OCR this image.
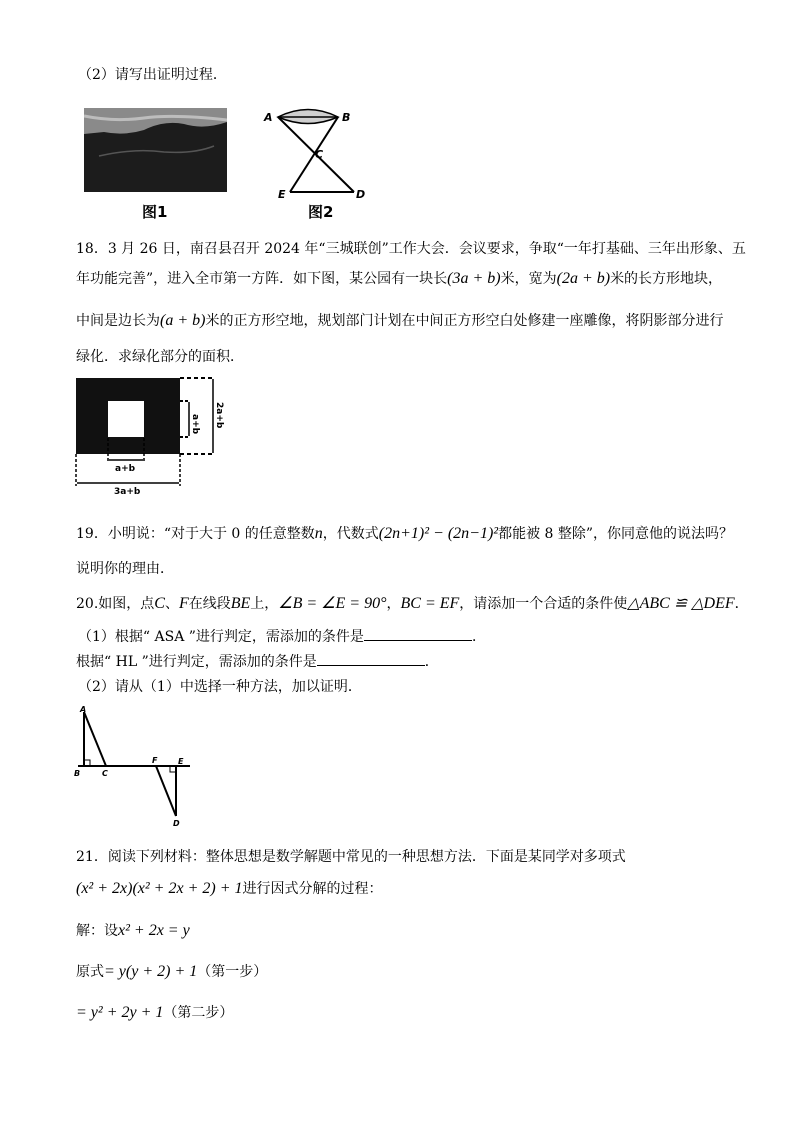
（2）请写出证明过程．
图1
A	B
C
E	D
图2
18．3 月 26 日，南召县召开 2024 年“三城联创”工作大会．会议要求，争取“一年打基础、三年出形象、五
年功能完善”，进入全市第一方阵．如下图，某公园有一块长(3a + b)米，宽为(2a + b)米的长方形地块，
中间是边长为(a + b)米的正方形空地，规划部门计划在中间正方形空白处修建一座雕像，将阴影部分进行
绿化．求绿化部分的面积．
a+b 2a+b
a+b
3a+b
19．小明说：“对于大于 0 的任意整数n，代数式(2n+1)² − (2n−1)²都能被 8 整除”，你同意他的说法吗？
说明你的理由．
20.如图，点C、F在线段BE上，∠B = ∠E = 90°，BC = EF，请添加一个合适的条件使△ABC ≌ △DEF．
（1）根据“ ASA ”进行判定，需添加的条件是	．
根据“ HL ”进行判定，需添加的条件是	．
（2）请从（1）中选择一种方法，加以证明．
A
B	C
F	E
D
21．阅读下列材料：整体思想是数学解题中常见的一种思想方法．下面是某同学对多项式
(x² + 2x)(x² + 2x + 2) + 1进行因式分解的过程：
解：设x² + 2x = y
原式= y(y + 2) + 1（第一步）
= y² + 2y + 1（第二步）
